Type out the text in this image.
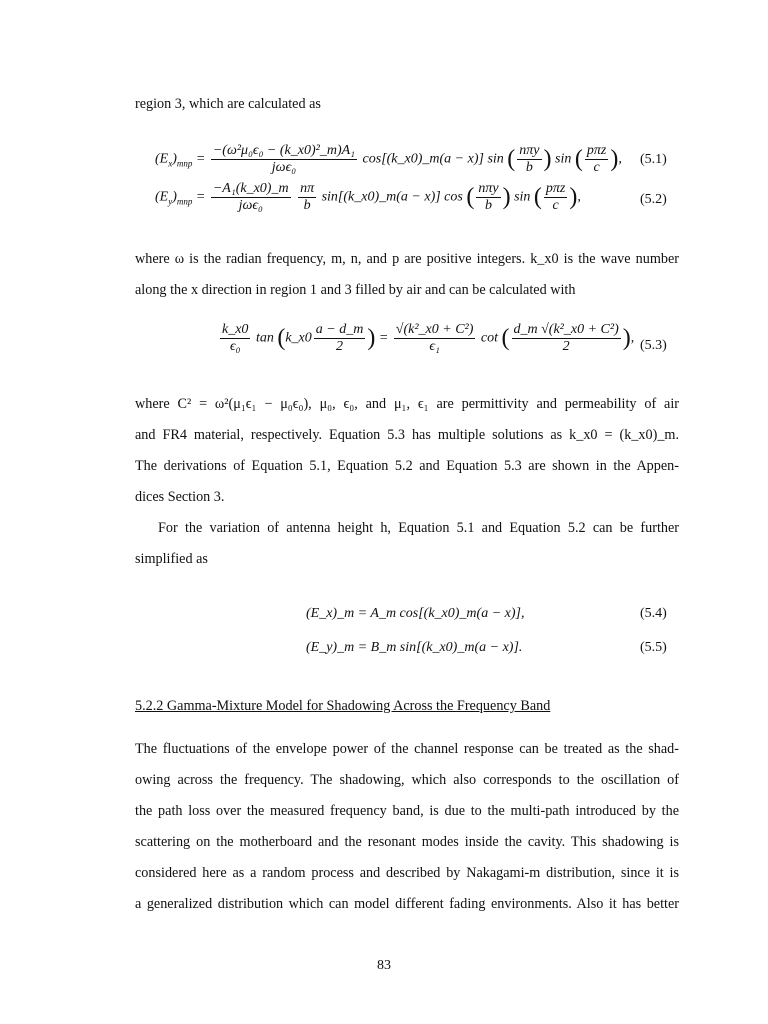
region 3, which are calculated as
$(E_x)_{mnp} = \frac{\text{−(ω²μ₀ϵ₀ − (k\_x0)²\_m)A₁}}{\text{jωϵ₀}}$ cos[(k_x0)_m(a − x)] sin ( $\frac{\text{nπy}}{b}$ ) sin ( $\frac{\text{pπz}}{c}$ ), (5.1)
$(E_y)_{mnp} = \frac{\text{−A₁(k\_x0)\_m}}{\text{jωϵ₀}}$
$\frac{n\pi}{b}$ sin[(k_x0)_m(a − x)] cos ( $\frac{\text{nπy}}{b}$ ) sin ( $\frac{\text{pπz}}{c}$ ),	(5.2)
where ω is the radian frequency, m, n, and p are positive integers. k_x0 is the wave number
along the x direction in region 1 and 3 filled by air and can be calculated with
$\frac{k\_x0}{\text{ϵ₀}}$ tan (k_x0 $\frac{a - d\_m}{2}$ ) = $\frac{\text{√(k²\_x0 + C²)}}{\text{ϵ₁}}$ cot ( $\frac{\text{d\_m √(k²\_x0 + C²)}}{2}$ ), (5.3)
where C² = ω²(μ₁ϵ₁ − μ₀ϵ₀), μ₀, ϵ₀, and μ₁, ϵ₁ are permittivity and permeability of air
and FR4 material, respectively. Equation 5.3 has multiple solutions as k_x0 = (k_x0)_m.
The derivations of Equation 5.1, Equation 5.2 and Equation 5.3 are shown in the Appen-
dices Section 3.
For the variation of antenna height h, Equation 5.1 and Equation 5.2 can be further
simplified as
(E_x)_m = A_m cos[(k_x0)_m(a − x)],	(5.4)
(E_y)_m = B_m sin[(k_x0)_m(a − x)].	(5.5)
5.2.2 Gamma-Mixture Model for Shadowing Across the Frequency Band
The fluctuations of the envelope power of the channel response can be treated as the shad-
owing across the frequency. The shadowing, which also corresponds to the oscillation of
the path loss over the measured frequency band, is due to the multi-path introduced by the
scattering on the motherboard and the resonant modes inside the cavity. This shadowing is
considered here as a random process and described by Nakagami-m distribution, since it is
a generalized distribution which can model different fading environments. Also it has better
83
